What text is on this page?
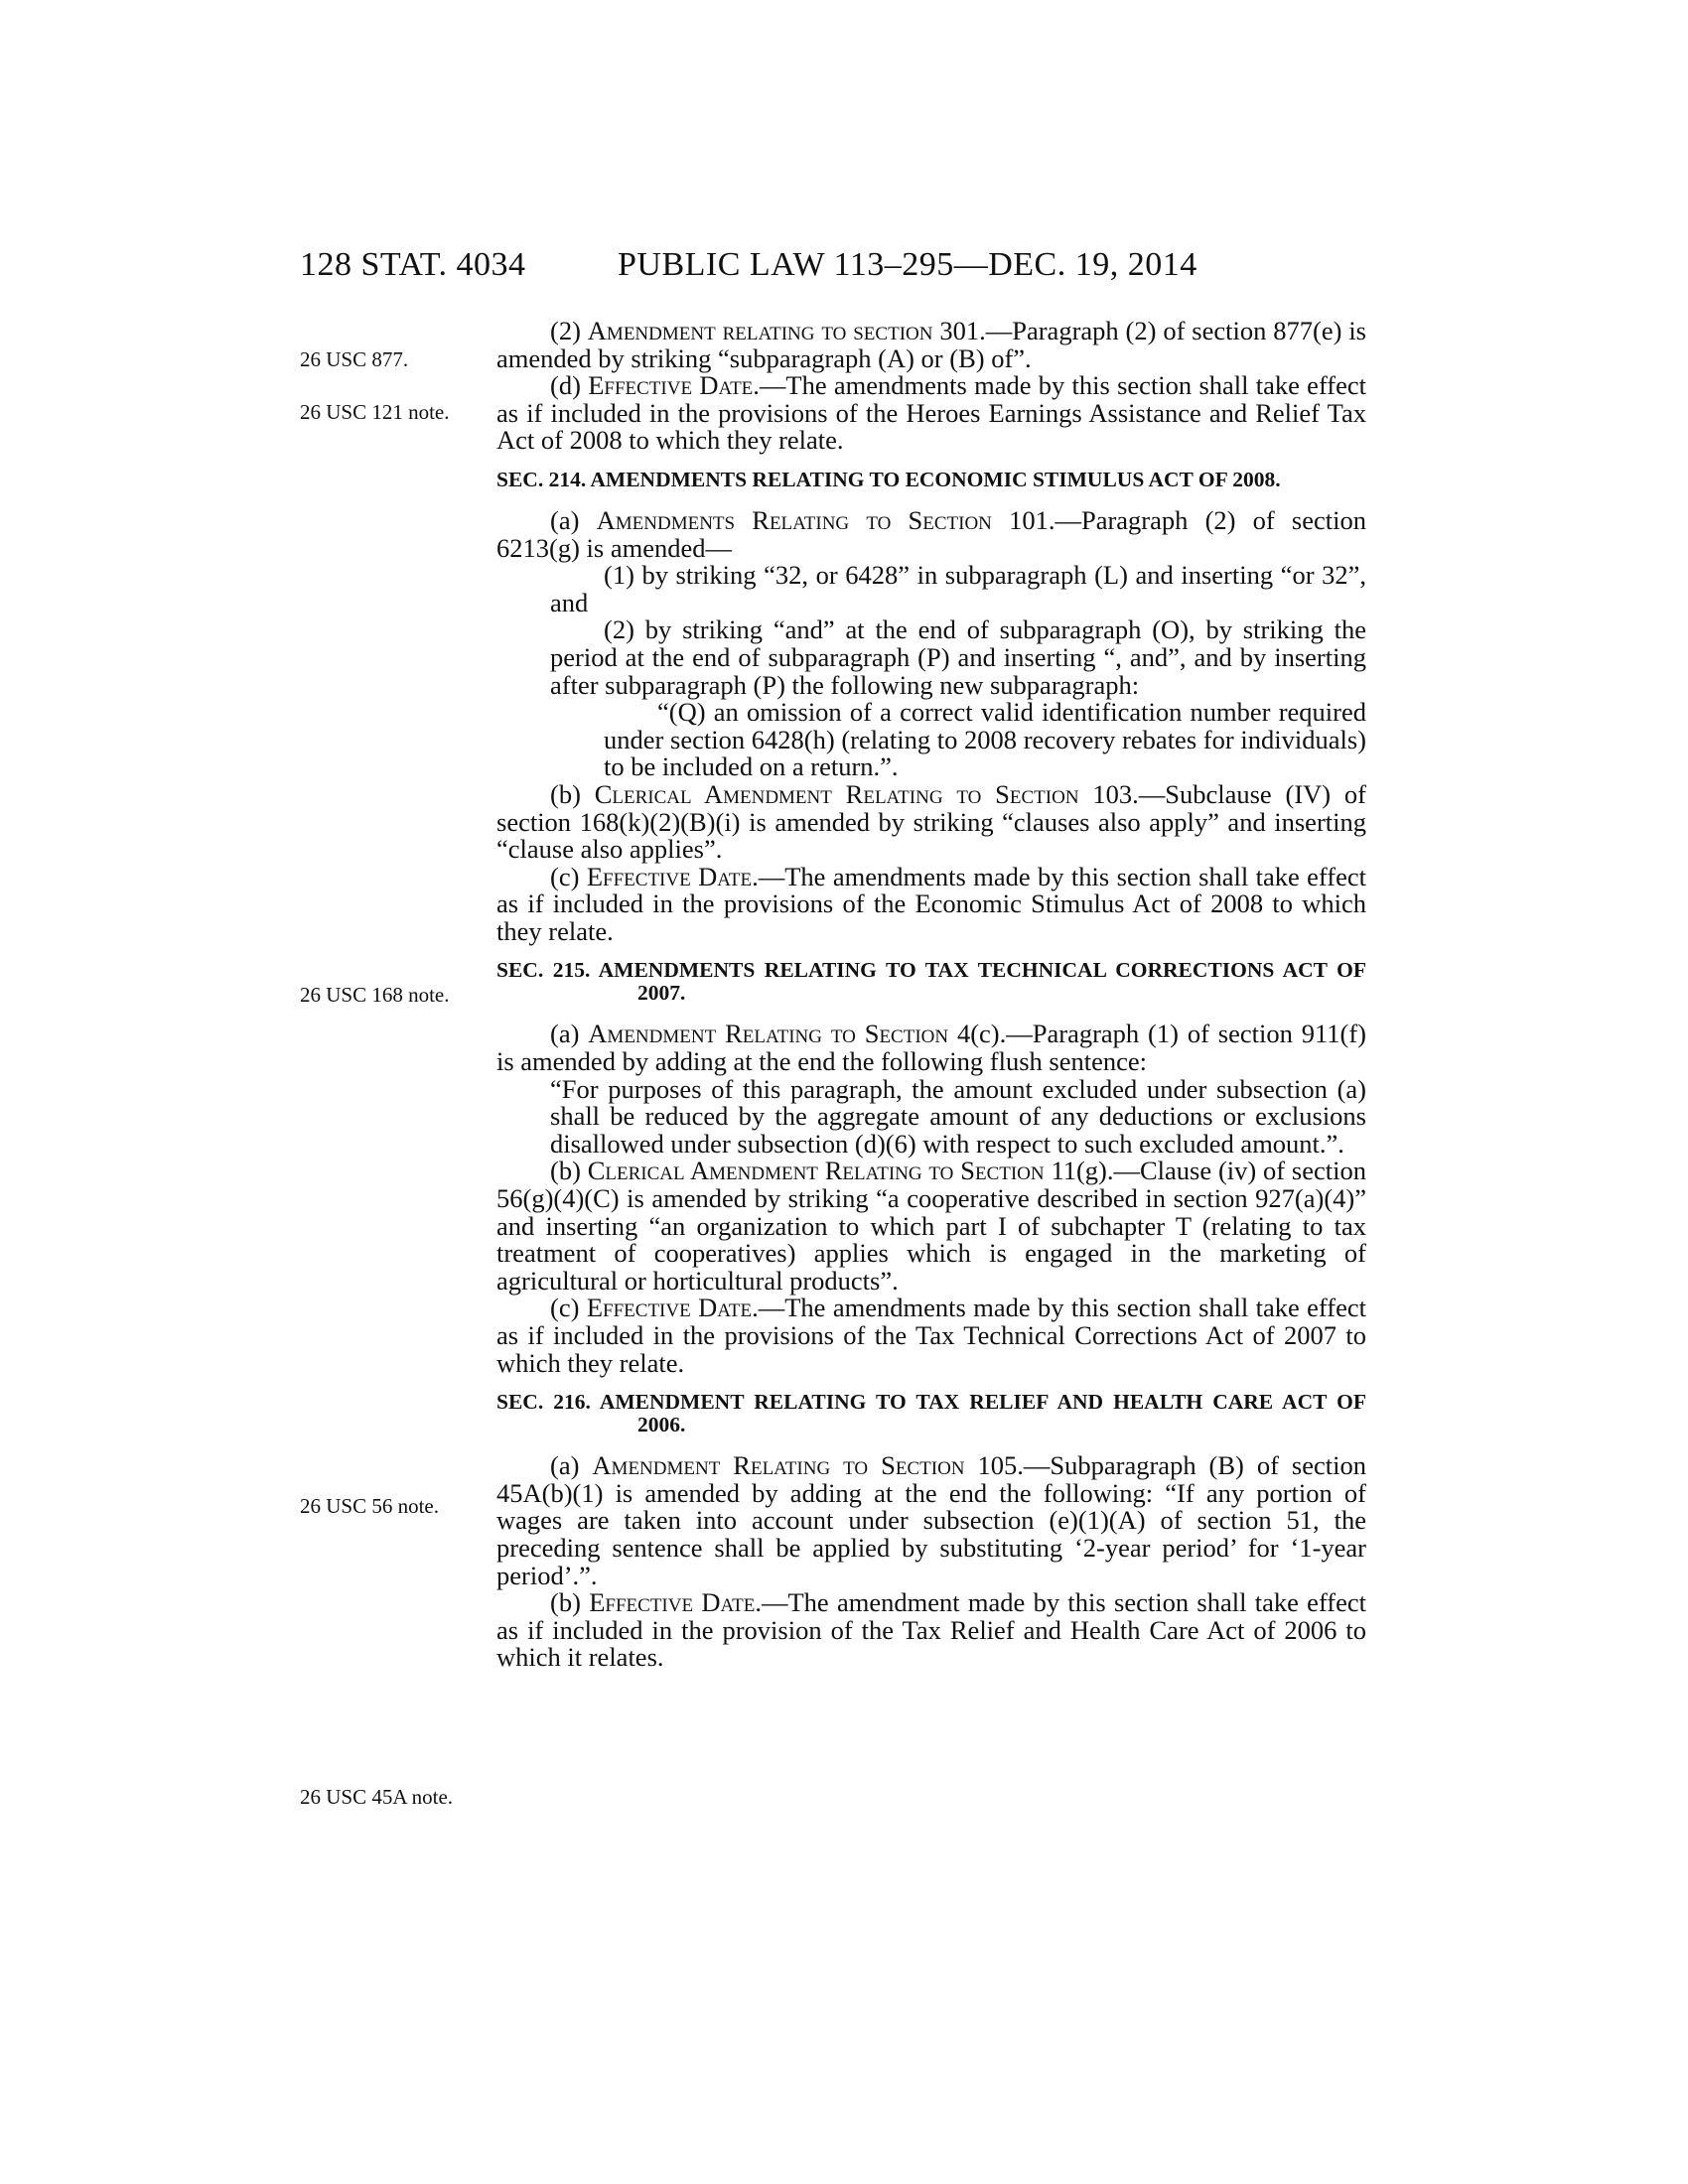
128 STAT. 4034	PUBLIC LAW 113–295—DEC. 19, 2014
26 USC 877.
26 USC 121 note.
26 USC 168 note.
26 USC 56 note.
26 USC 45A note.

(2) Amendment relating to section 301.—Paragraph (2) of section 877(e) is amended by striking “subparagraph (A) or (B) of”.

(d) Effective Date.—The amendments made by this section shall take effect as if included in the provisions of the Heroes Earnings Assistance and Relief Tax Act of 2008 to which they relate.

SEC. 214. AMENDMENTS RELATING TO ECONOMIC STIMULUS ACT OF 2008.

(a) Amendments Relating to Section 101.—Paragraph (2) of section 6213(g) is amended—

(1) by striking “32, or 6428” in subparagraph (L) and inserting “or 32”, and

(2) by striking “and” at the end of subparagraph (O), by striking the period at the end of subparagraph (P) and inserting “, and”, and by inserting after subparagraph (P) the following new subparagraph:

“(Q) an omission of a correct valid identification number required under section 6428(h) (relating to 2008 recovery rebates for individuals) to be included on a return.”.

(b) Clerical Amendment Relating to Section 103.—Subclause (IV) of section 168(k)(2)(B)(i) is amended by striking “clauses also apply” and inserting “clause also applies”.

(c) Effective Date.—The amendments made by this section shall take effect as if included in the provisions of the Economic Stimulus Act of 2008 to which they relate.

SEC. 215. AMENDMENTS RELATING TO TAX TECHNICAL CORRECTIONS ACT OF 2007.

(a) Amendment Relating to Section 4(c).—Paragraph (1) of section 911(f) is amended by adding at the end the following flush sentence:

“For purposes of this paragraph, the amount excluded under subsection (a) shall be reduced by the aggregate amount of any deductions or exclusions disallowed under subsection (d)(6) with respect to such excluded amount.”.

(b) Clerical Amendment Relating to Section 11(g).—Clause (iv) of section 56(g)(4)(C) is amended by striking “a cooperative described in section 927(a)(4)” and inserting “an organization to which part I of subchapter T (relating to tax treatment of cooperatives) applies which is engaged in the marketing of agricultural or horticultural products”.

(c) Effective Date.—The amendments made by this section shall take effect as if included in the provisions of the Tax Technical Corrections Act of 2007 to which they relate.

SEC. 216. AMENDMENT RELATING TO TAX RELIEF AND HEALTH CARE ACT OF 2006.

(a) Amendment Relating to Section 105.—Subparagraph (B) of section 45A(b)(1) is amended by adding at the end the following: “If any portion of wages are taken into account under subsection (e)(1)(A) of section 51, the preceding sentence shall be applied by substituting ‘2-year period’ for ‘1-year period’.”.

(b) Effective Date.—The amendment made by this section shall take effect as if included in the provision of the Tax Relief and Health Care Act of 2006 to which it relates.
